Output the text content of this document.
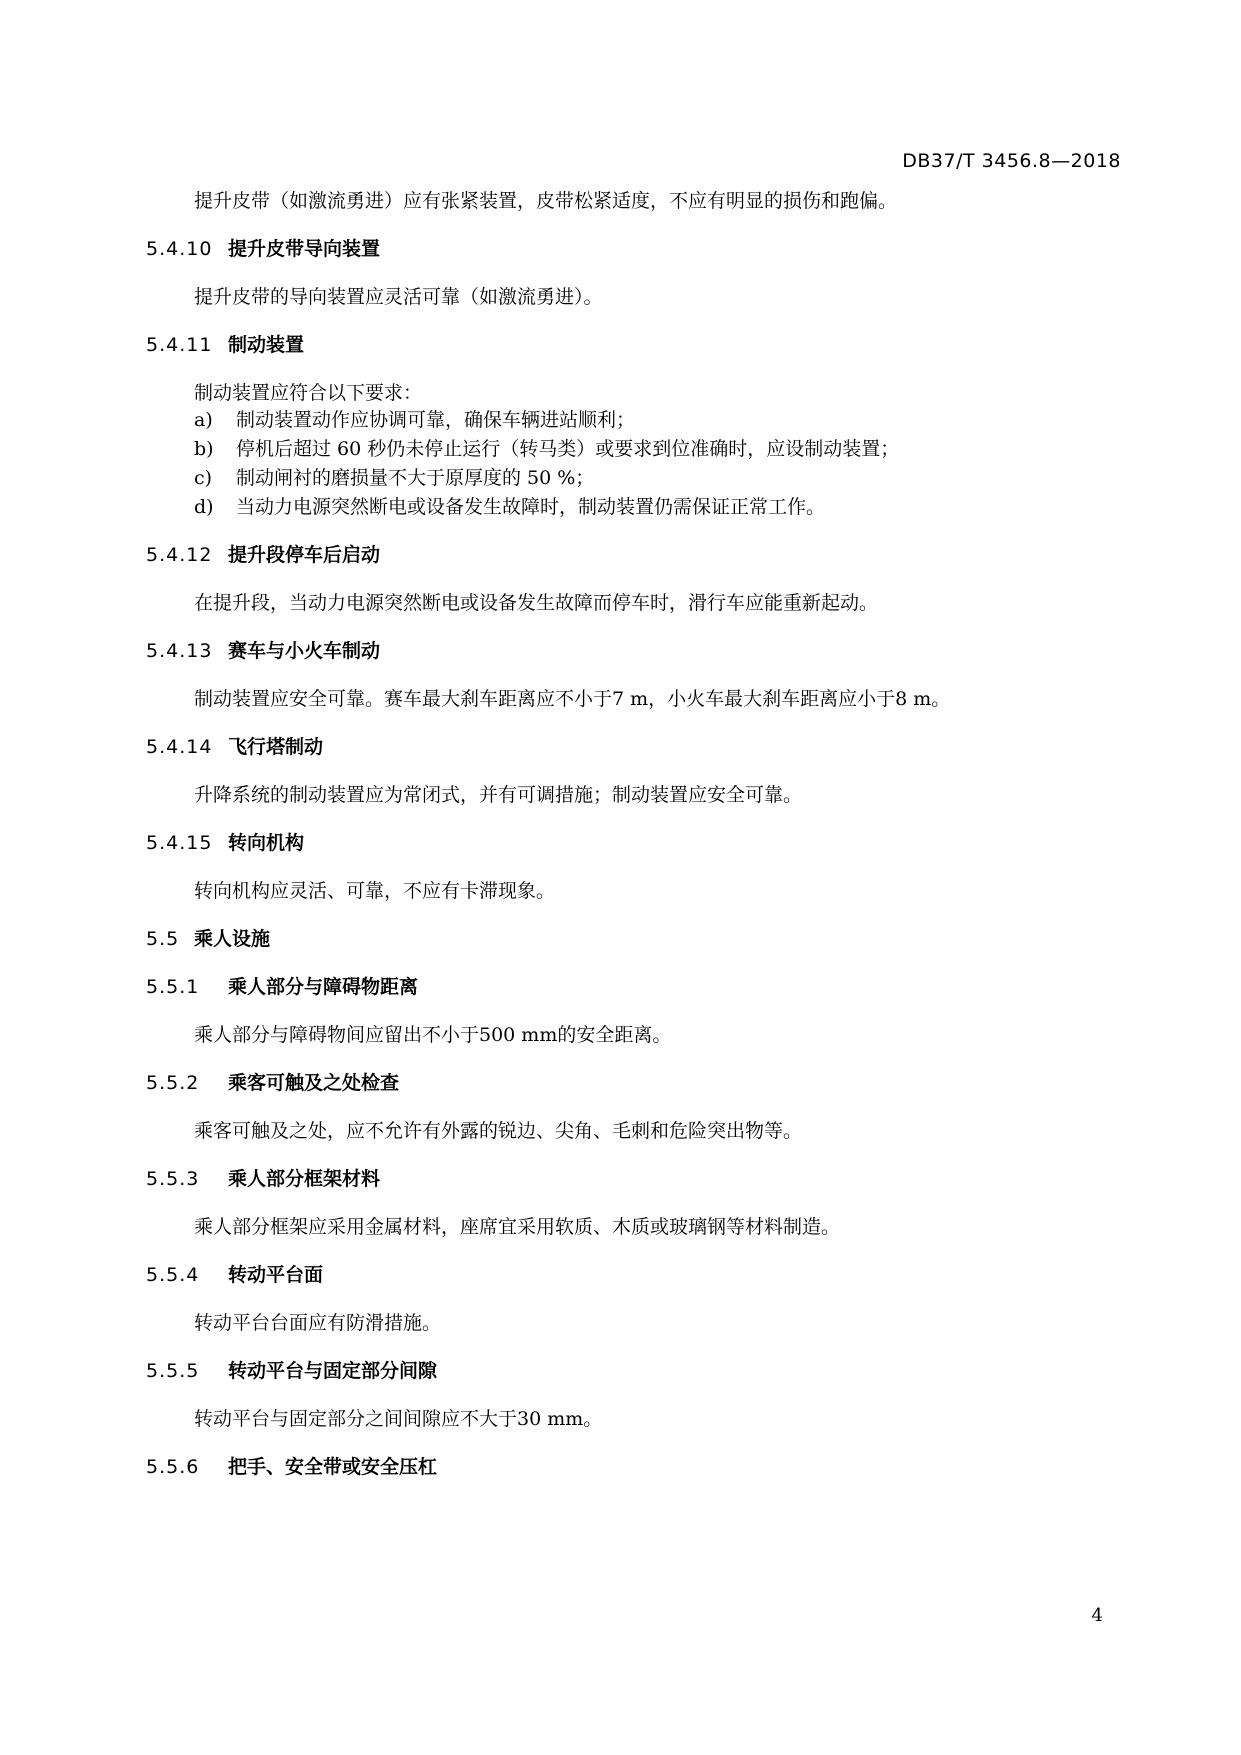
DB37/T 3456.8—2018
提升皮带（如激流勇进）应有张紧装置，皮带松紧适度，不应有明显的损伤和跑偏。
5.4.10 提升皮带导向装置
提升皮带的导向装置应灵活可靠（如激流勇进）。
5.4.11 制动装置
制动装置应符合以下要求：
a) 制动装置动作应协调可靠，确保车辆进站顺利；
b) 停机后超过 60 秒仍未停止运行（转马类）或要求到位准确时，应设制动装置；
c) 制动闸衬的磨损量不大于原厚度的 50 %；
d) 当动力电源突然断电或设备发生故障时，制动装置仍需保证正常工作。
5.4.12 提升段停车后启动
在提升段，当动力电源突然断电或设备发生故障而停车时，滑行车应能重新起动。
5.4.13 赛车与小火车制动
制动装置应安全可靠。赛车最大刹车距离应不小于7 m，小火车最大刹车距离应小于8 m。
5.4.14 飞行塔制动
升降系统的制动装置应为常闭式，并有可调措施；制动装置应安全可靠。
5.4.15 转向机构
转向机构应灵活、可靠，不应有卡滞现象。
5.5 乘人设施
5.5.1 乘人部分与障碍物距离
乘人部分与障碍物间应留出不小于500 mm的安全距离。
5.5.2 乘客可触及之处检查
乘客可触及之处，应不允许有外露的锐边、尖角、毛刺和危险突出物等。
5.5.3 乘人部分框架材料
乘人部分框架应采用金属材料，座席宜采用软质、木质或玻璃钢等材料制造。
5.5.4 转动平台面
转动平台台面应有防滑措施。
5.5.5 转动平台与固定部分间隙
转动平台与固定部分之间间隙应不大于30 mm。
5.5.6 把手、安全带或安全压杠
4
